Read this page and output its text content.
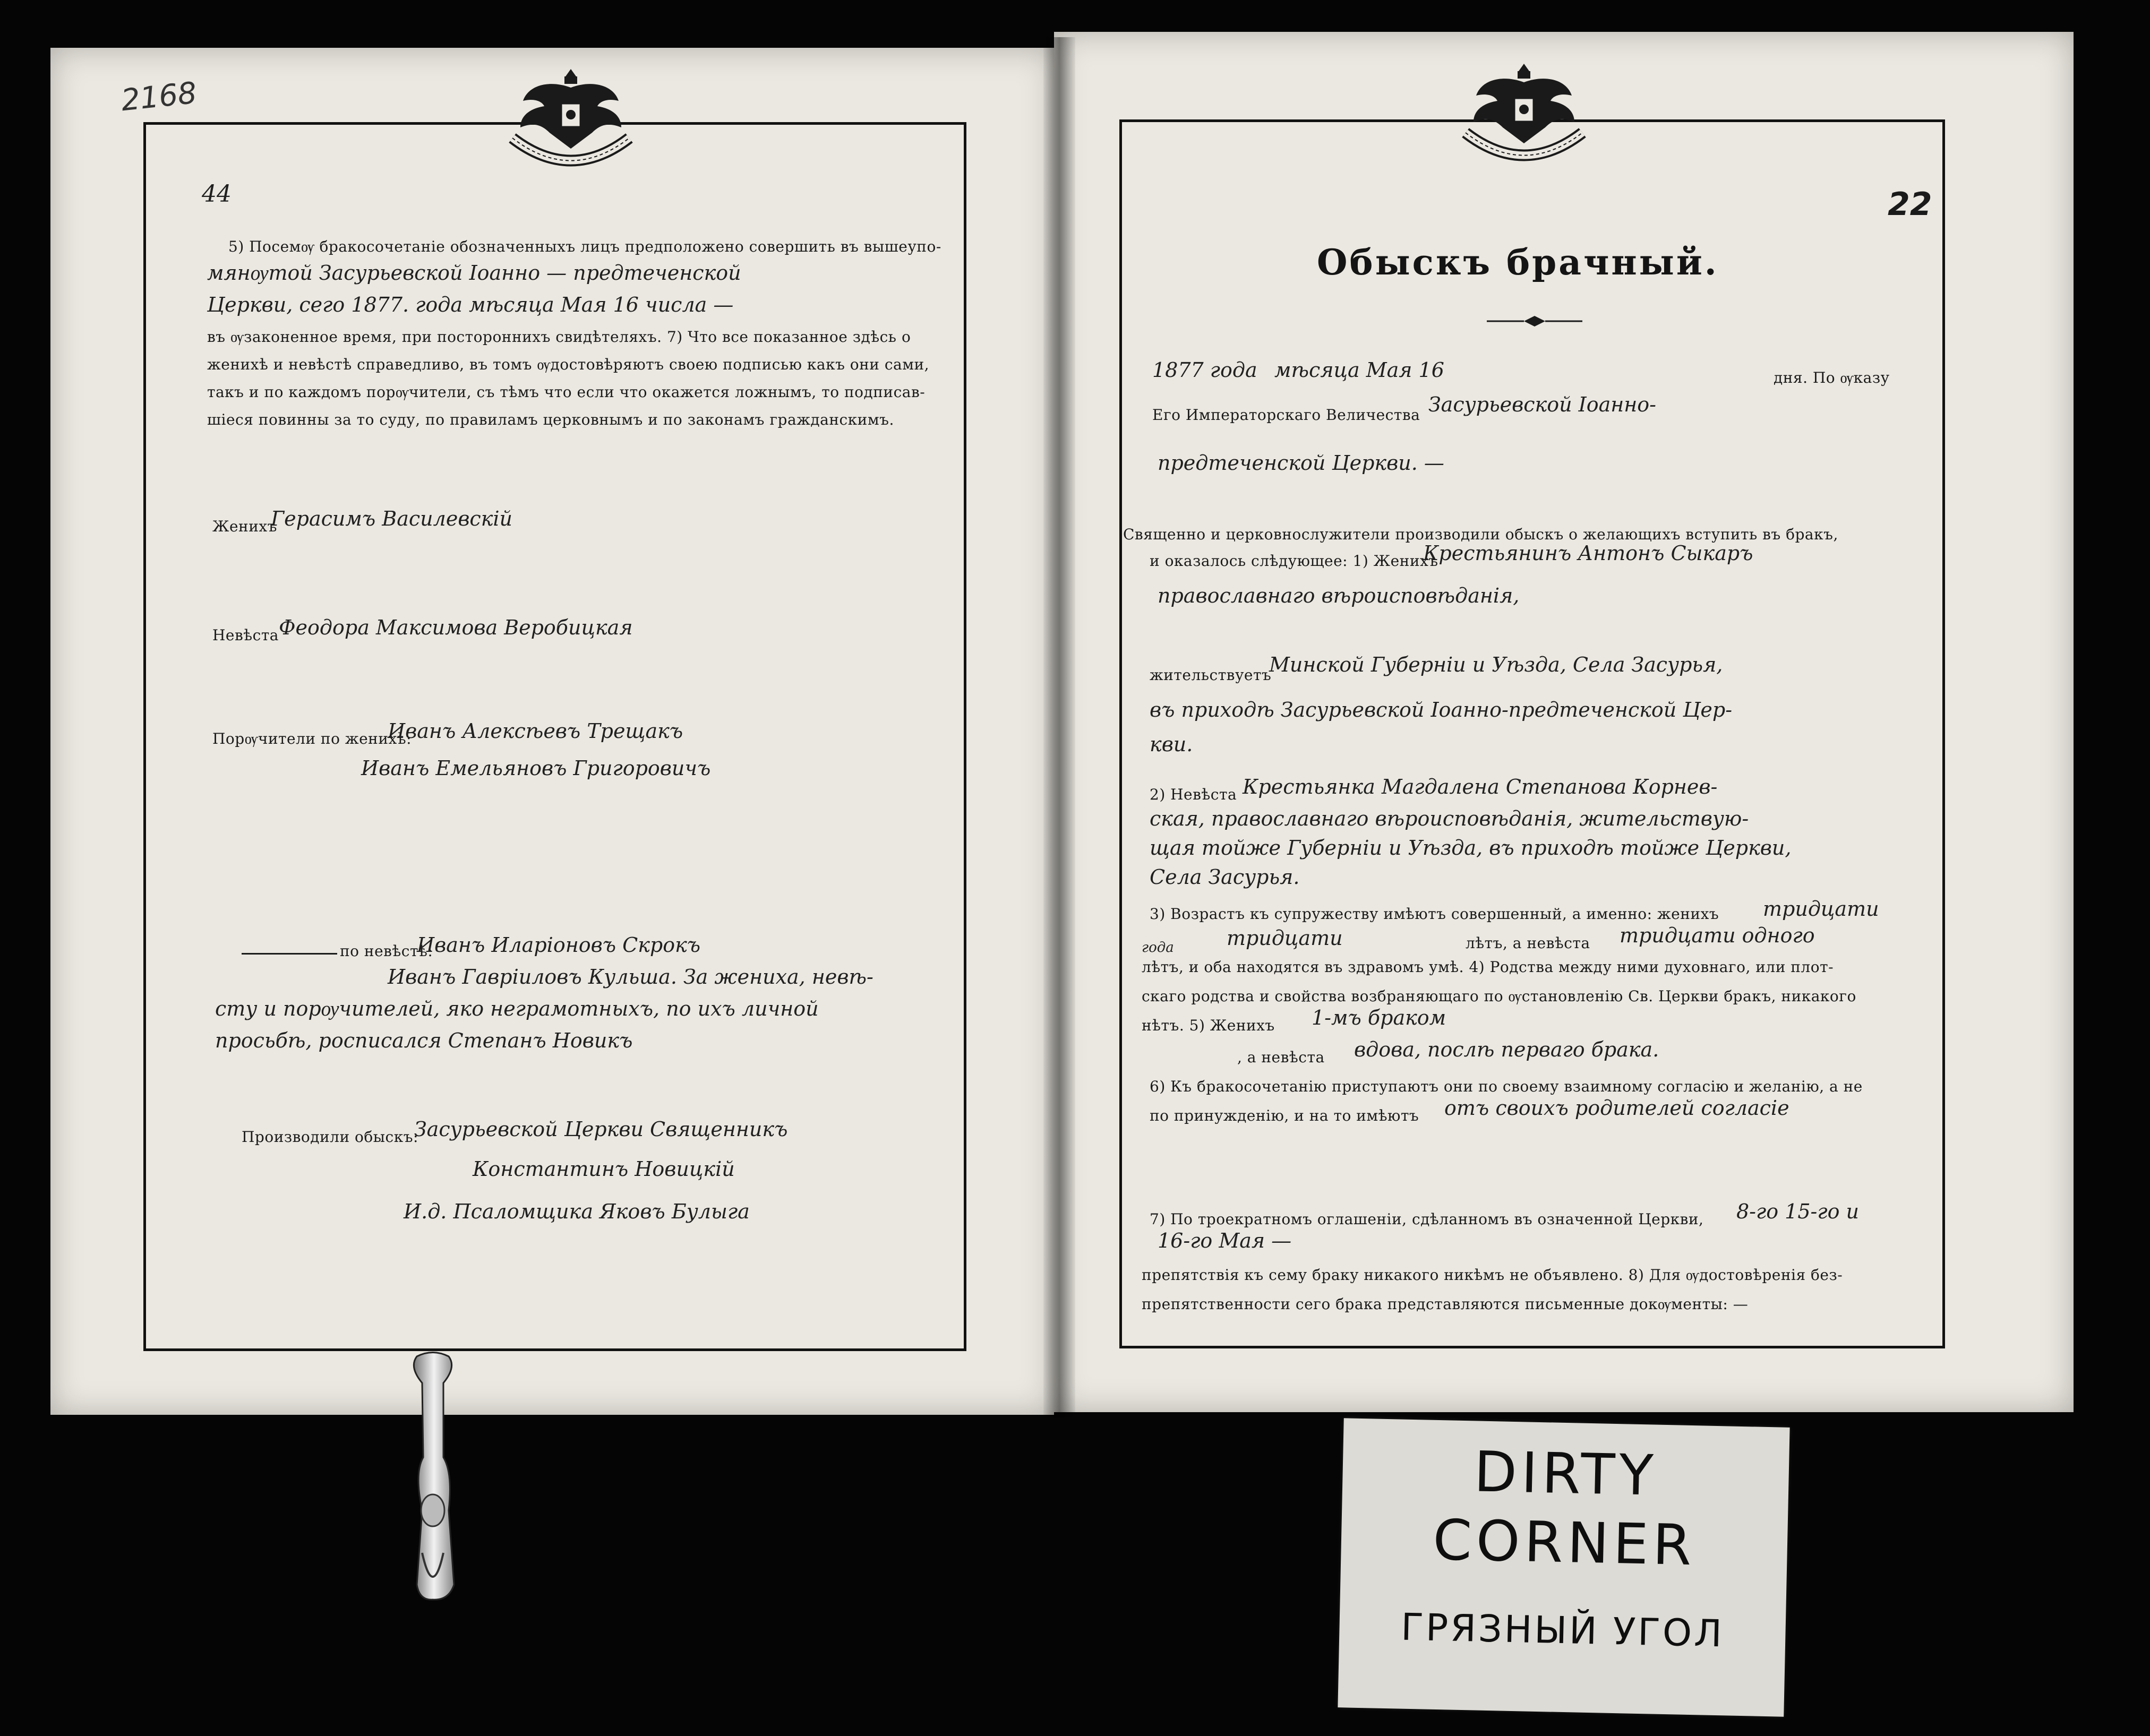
2168
44
5) Посемѹ бракосочетаніе обозначенныхъ лицъ предположено совершить въ вышеупо-
мянѹтой Засурьевской Іоанно — предтеченской
Церкви, сего 1877. года мѣсяца Мая 16 числа —
въ ѹзаконенное время, при постороннихъ свидѣтеляхъ. 7) Что все показанное здѣсь о
женихѣ и невѣстѣ справедливо, въ томъ ѹдостовѣряютъ своею подписью какъ они сами,
такъ и по каждомъ порѹчители, съ тѣмъ что если что окажется ложнымъ, то подписав-
шіеся повинны за то суду, по правиламъ церковнымъ и по законамъ гражданскимъ.
Женихъ
Герасимъ Василевскій
Невѣста Феодора Максимова Веробицкая
Порѹчители по женихѣ:
Иванъ Алексѣевъ Трещакъ
Иванъ Емельяновъ Григоровичъ
по невѣстѣ:
Иванъ Иларіоновъ Скрокъ
Иванъ Гавріиловъ Кульша. За жениха, невѣ-
сту и порѹчителей, яко неграмотныхъ, по ихъ личной
просьбѣ, росписался Степанъ Новикъ
Производили обыскъ:
Засурьевской Церкви Священникъ
Константинъ Новицкій
И.д. Псаломщика Яковъ Булыга
22
Обыскъ брачный.
1877 года мѣсяца Мая 16	дня. По ѹказу
Его Императорскаго Величества Засурьевской Іоанно-
предтеченской Церкви. —
Священно и церковнослужители производили обыскъ о желающихъ вступить въ бракъ,
и оказалось слѣдующее: 1) Женихъ
Крестьянинъ Антонъ Сыкаръ
православнаго вѣроисповѣданія,
жительствуетъ
Минской Губерніи и Уѣзда, Села Засурья,
въ приходѣ Засурьевской Іоанно-предтеченской Цер-
кви.
2) Невѣста Крестьянка Магдалена Степанова Корнев-
ская, православнаго вѣроисповѣданія, жительствую-
щая тойже Губерніи и Уѣзда, въ приходѣ тойже Церкви,
Села Засурья.
3) Возрастъ къ супружеству имѣютъ совершенный, а именно: женихъ тридцати
тридцати	лѣтъ, а невѣста тридцати одного
года
лѣтъ, и оба находятся въ здравомъ умѣ. 4) Родства между ними духовнаго, или плот-
скаго родства и свойства возбраняющаго по ѹстановленію Св. Церкви бракъ, никакого
нѣтъ. 5) Женихъ 1-мъ браком
, а невѣста вдова, послѣ перваго брака.
6) Къ бракосочетанію приступаютъ они по своему взаимному согласію и желанію, а не
по принужденію, и на то имѣютъ отъ своихъ родителей согласіе
7) По троекратномъ оглашеніи, сдѣланномъ въ означенной Церкви, 8-го 15-го и
16-го Мая —
препятствія къ сему браку никакого никѣмъ не объявлено. 8) Для ѹдостовѣренія без-
препятственности сего брака представляются письменные докѹменты: —
DIRTY
CORNER
ГРЯЗНЫЙ УГОЛ
